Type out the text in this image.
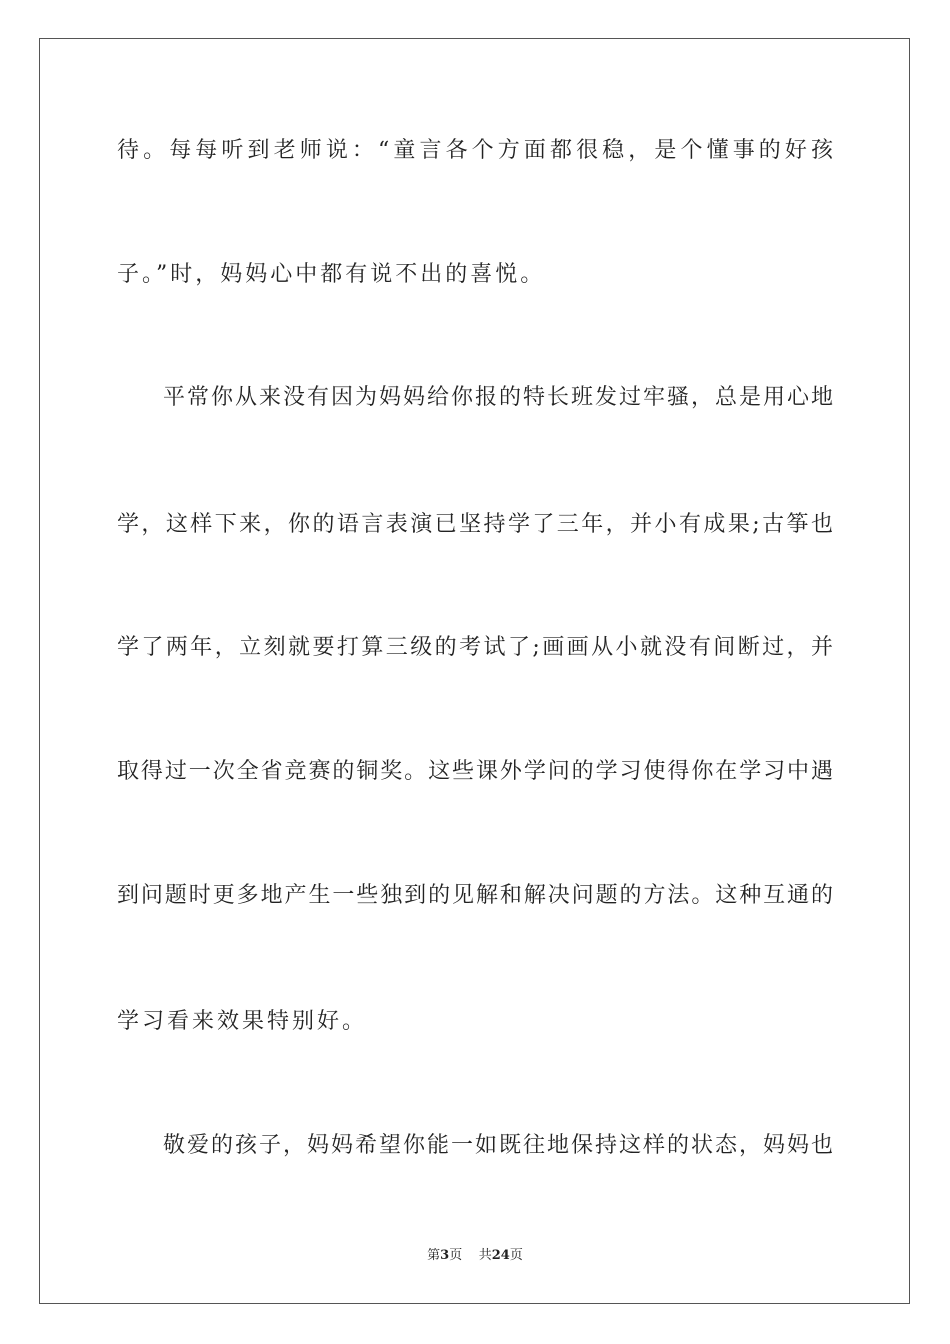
待。每每听到老师说：“童言各个方面都很稳，是个懂事的好孩
子。”时，妈妈心中都有说不出的喜悦。
平常你从来没有因为妈妈给你报的特长班发过牢骚，总是用心地
学，这样下来，你的语言表演已坚持学了三年，并小有成果;古筝也
学了两年，立刻就要打算三级的考试了;画画从小就没有间断过，并
取得过一次全省竞赛的铜奖。这些课外学问的学习使得你在学习中遇
到问题时更多地产生一些独到的见解和解决问题的方法。这种互通的
学习看来效果特别好。
敬爱的孩子，妈妈希望你能一如既往地保持这样的状态，妈妈也
第3页 共24页
